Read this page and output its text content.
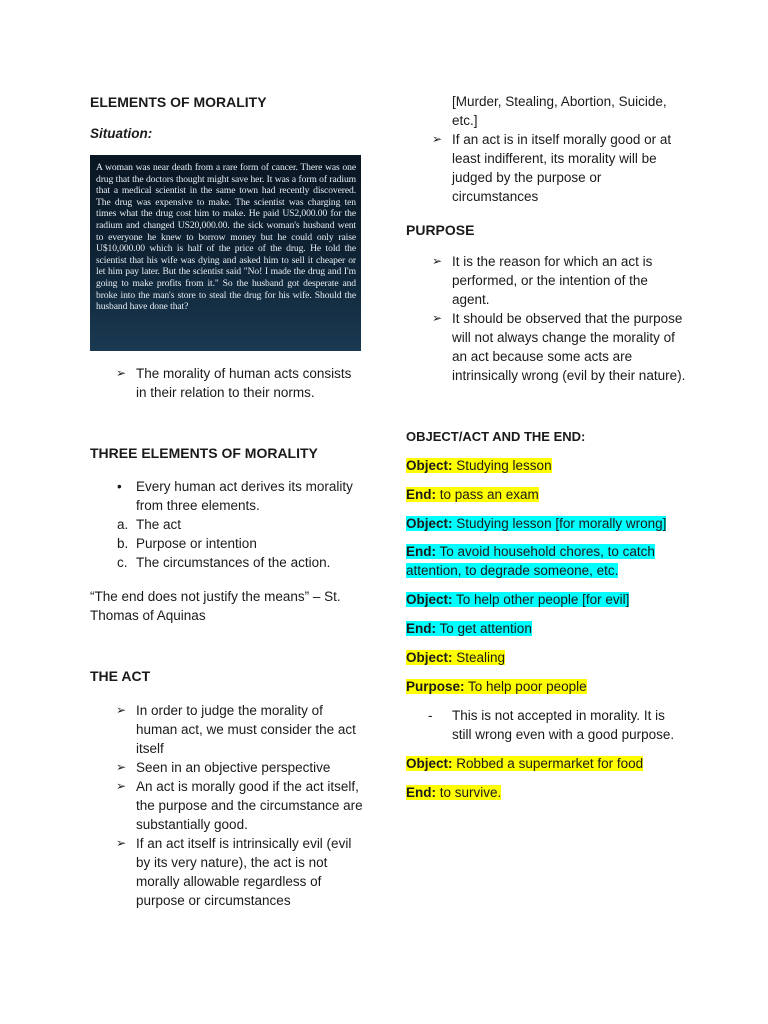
ELEMENTS OF MORALITY
Situation:
A woman was near death from a rare form of cancer. There was one drug that the doctors thought might save her. It was a form of radium that a medical scientist in the same town had recently discovered. The drug was expensive to make. The scientist was charging ten times what the drug cost him to make. He paid US2,000.00 for the radium and changed US20,000.00. the sick woman's husband went to everyone he knew to borrow money but he could only raise U$10,000.00 which is half of the price of the drug. He told the scientist that his wife was dying and asked him to sell it cheaper or let him pay later. But the scientist said "No! I made the drug and I'm going to make profits from it." So the husband got desperate and broke into the man's store to steal the drug for his wife. Should the husband have done that?
➢ The morality of human acts consists in their relation to their norms.
THREE ELEMENTS OF MORALITY
• Every human act derives its morality from three elements.
a. The act
b. Purpose or intention
c. The circumstances of the action.
“The end does not justify the means” – St. Thomas of Aquinas
THE ACT
➢ In order to judge the morality of human act, we must consider the act itself
➢ Seen in an objective perspective
➢ An act is morally good if the act itself, the purpose and the circumstance are substantially good.
➢ If an act itself is intrinsically evil (evil by its very nature), the act is not morally allowable regardless of purpose or circumstances
[Murder, Stealing, Abortion, Suicide, etc.]
➢ If an act is in itself morally good or at least indifferent, its morality will be judged by the purpose or circumstances
PURPOSE
➢ It is the reason for which an act is performed, or the intention of the agent.
➢ It should be observed that the purpose will not always change the morality of an act because some acts are intrinsically wrong (evil by their nature).
OBJECT/ACT AND THE END:

Object: Studying lesson

End: to pass an exam

Object: Studying lesson [for morally wrong]

End: To avoid household chores, to catch attention, to degrade someone, etc.

Object: To help other people [for evil]

End: To get attention

Object: Stealing

Purpose: To help poor people

- This is not accepted in morality. It is still wrong even with a good purpose.

Object: Robbed a supermarket for food

End: to survive.
